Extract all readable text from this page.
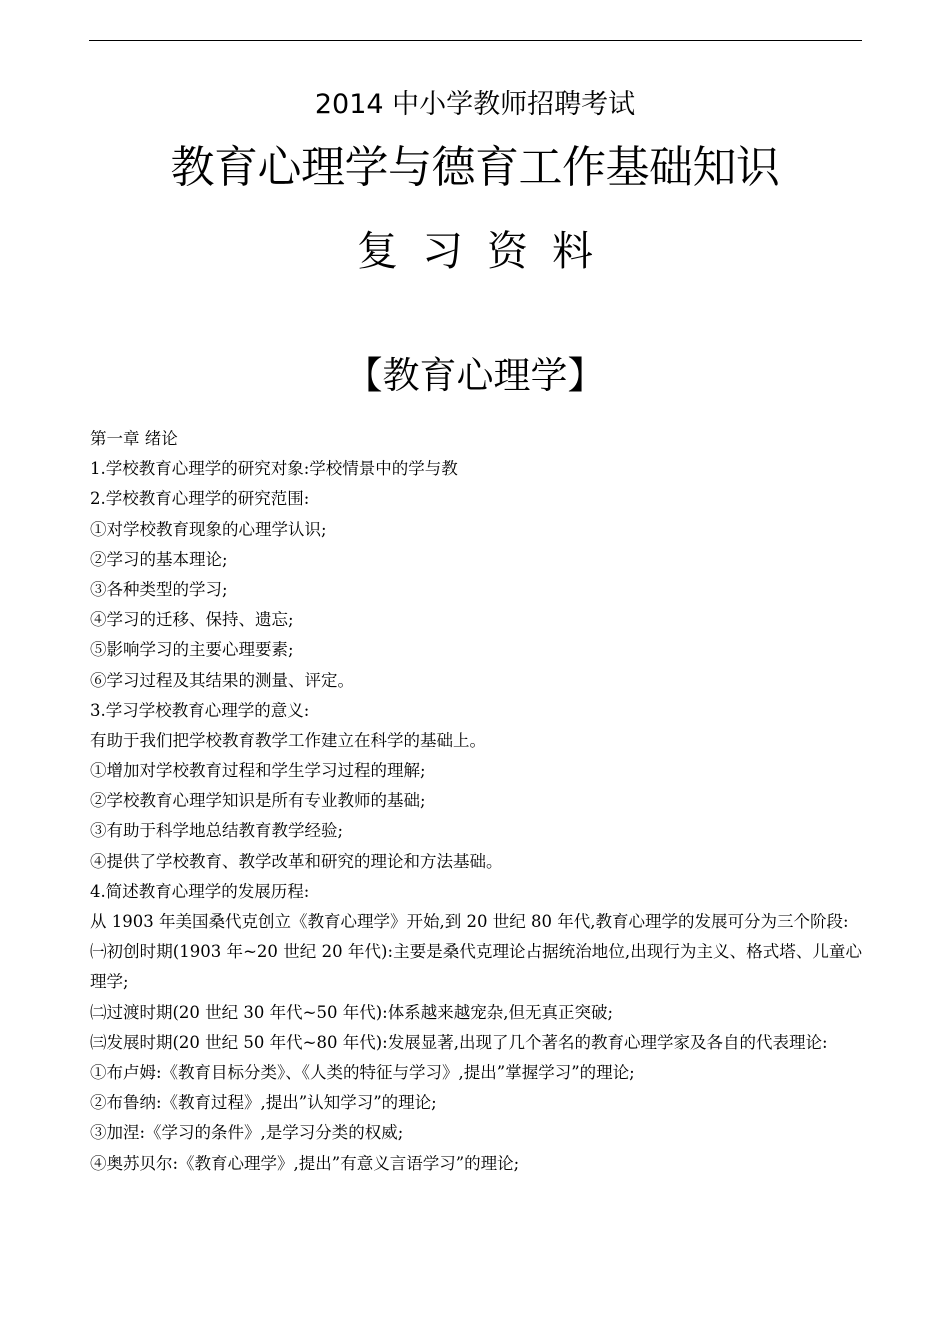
2014 中小学教师招聘考试
教育心理学与德育工作基础知识
复习资料
【教育心理学】
第一章 绪论
1.学校教育心理学的研究对象:学校情景中的学与教
2.学校教育心理学的研究范围:
①对学校教育现象的心理学认识;
②学习的基本理论;
③各种类型的学习;
④学习的迁移、保持、遗忘;
⑤影响学习的主要心理要素;
⑥学习过程及其结果的测量、评定。
3.学习学校教育心理学的意义:
有助于我们把学校教育教学工作建立在科学的基础上。
①增加对学校教育过程和学生学习过程的理解;
②学校教育心理学知识是所有专业教师的基础;
③有助于科学地总结教育教学经验;
④提供了学校教育、教学改革和研究的理论和方法基础。
4.简述教育心理学的发展历程:
从 1903 年美国桑代克创立《教育心理学》开始,到 20 世纪 80 年代,教育心理学的发展可分为三个阶段:
㈠初创时期(1903 年~20 世纪 20 年代):主要是桑代克理论占据统治地位,出现行为主义、格式塔、儿童心理学;
㈡过渡时期(20 世纪 30 年代~50 年代):体系越来越宠杂,但无真正突破;
㈢发展时期(20 世纪 50 年代~80 年代):发展显著,出现了几个著名的教育心理学家及各自的代表理论:
①布卢姆:《教育目标分类》、《人类的特征与学习》,提出”掌握学习”的理论;
②布鲁纳:《教育过程》,提出”认知学习”的理论;
③加涅:《学习的条件》,是学习分类的权威;
④奥苏贝尔:《教育心理学》,提出”有意义言语学习”的理论;
